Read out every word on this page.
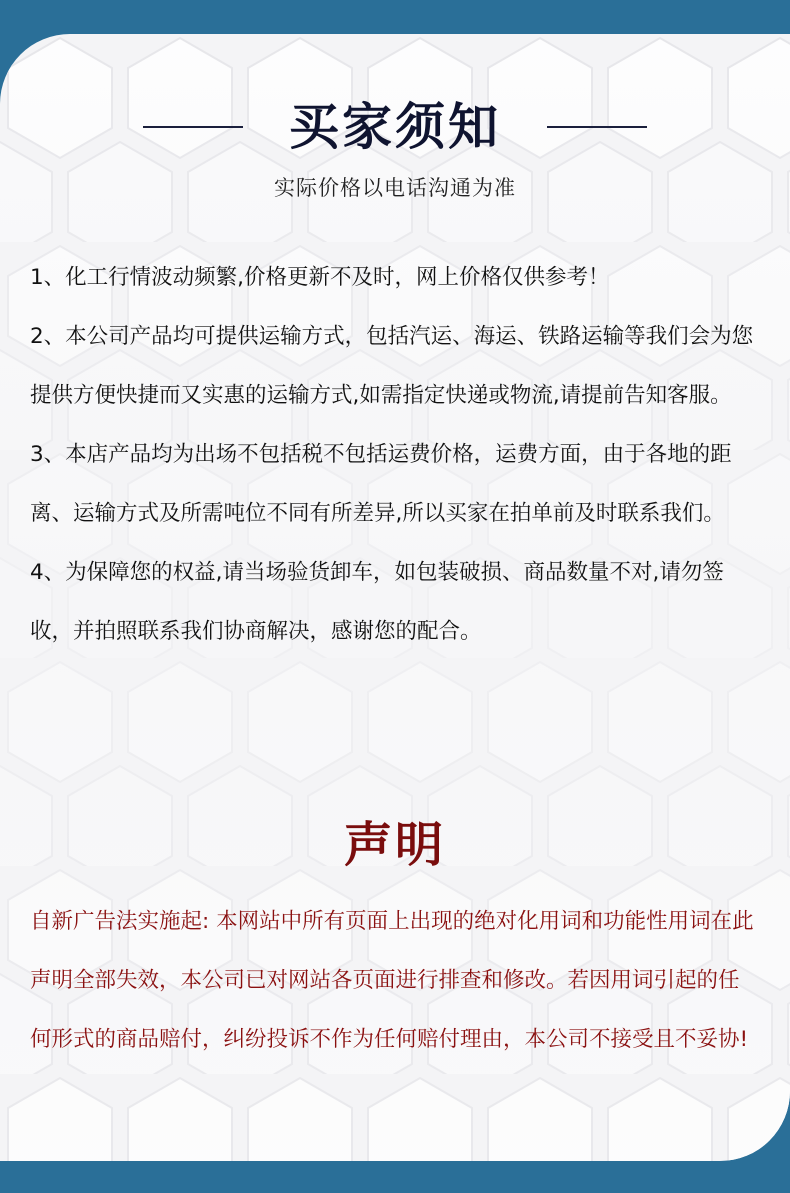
买家须知
实际价格以电话沟通为准

1、化工行情波动频繁,价格更新不及时，网上价格仅供参考！

2、本公司产品均可提供运输方式，包括汽运、海运、铁路运输等我们会为您提供方便快捷而又实惠的运输方式,如需指定快递或物流,请提前告知客服。

3、本店产品均为出场不包括税不包括运费价格，运费方面，由于各地的距离、运输方式及所需吨位不同有所差异,所以买家在拍单前及时联系我们。

4、为保障您的权益,请当场验货卸车，如包装破损、商品数量不对,请勿签收，并拍照联系我们协商解决，感谢您的配合。

声明
自新广告法实施起: 本网站中所有页面上出现的绝对化用词和功能性用词在此声明全部失效，本公司已对网站各页面进行排查和修改。若因用词引起的任何形式的商品赔付，纠纷投诉不作为任何赔付理由，本公司不接受且不妥协!
